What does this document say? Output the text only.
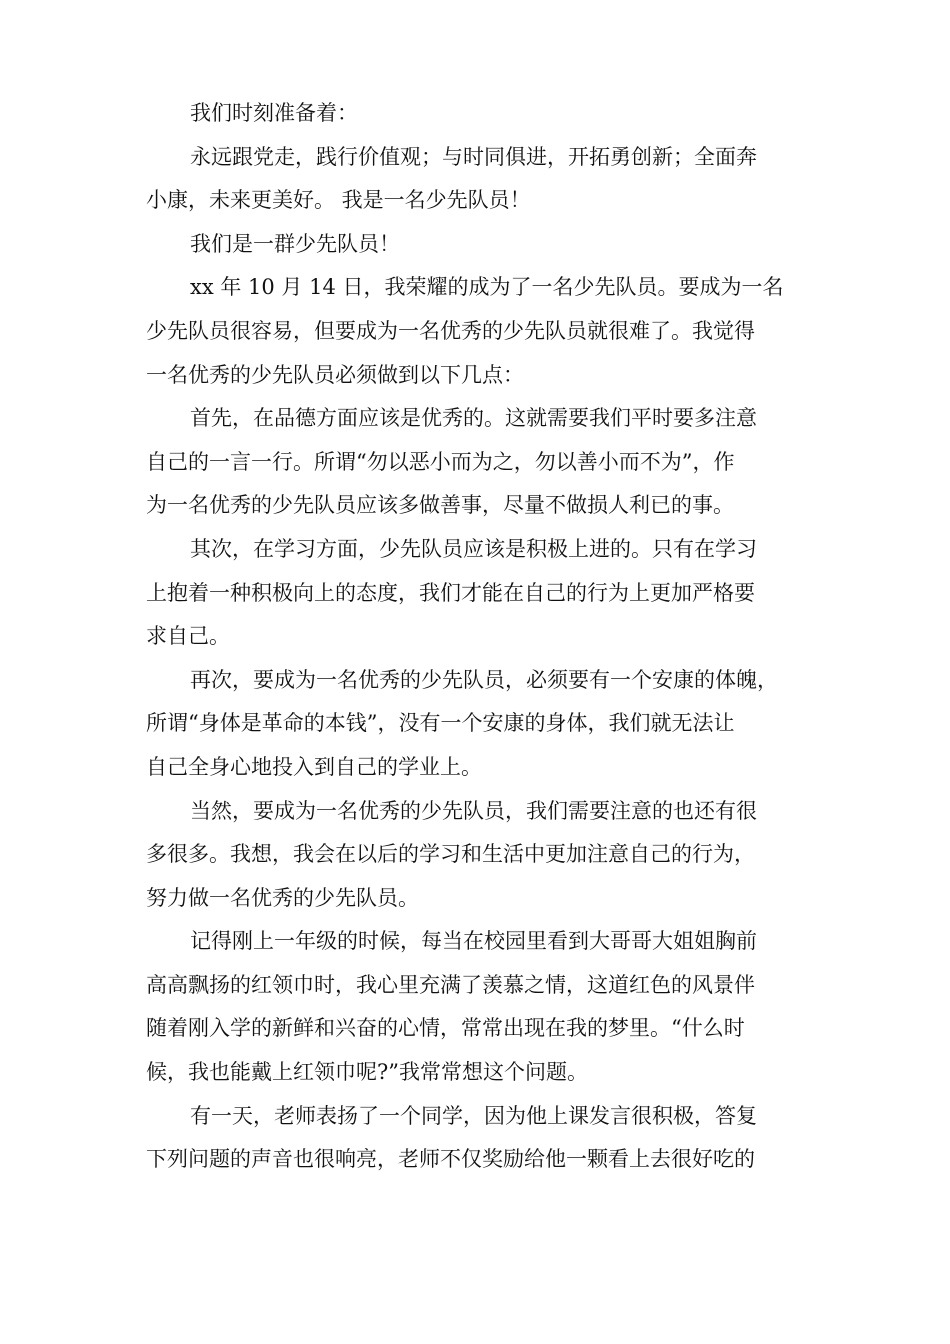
我们时刻准备着：

永远跟党走，践行价值观；与时同俱进，开拓勇创新；全面奔
小康，未来更美好。 我是一名少先队员！

我们是一群少先队员！

xx 年 10 月 14 日，我荣耀的成为了一名少先队员。要成为一名
少先队员很容易，但要成为一名优秀的少先队员就很难了。我觉得
一名优秀的少先队员必须做到以下几点：

首先，在品德方面应该是优秀的。这就需要我们平时要多注意
自己的一言一行。所谓“勿以恶小而为之，勿以善小而不为”，作
为一名优秀的少先队员应该多做善事，尽量不做损人利已的事。

其次，在学习方面，少先队员应该是积极上进的。只有在学习
上抱着一种积极向上的态度，我们才能在自己的行为上更加严格要
求自己。

再次，要成为一名优秀的少先队员，必须要有一个安康的体魄，
所谓“身体是革命的本钱”，没有一个安康的身体，我们就无法让
自己全身心地投入到自己的学业上。

当然，要成为一名优秀的少先队员，我们需要注意的也还有很
多很多。我想，我会在以后的学习和生活中更加注意自己的行为，
努力做一名优秀的少先队员。

记得刚上一年级的时候，每当在校园里看到大哥哥大姐姐胸前
高高飘扬的红领巾时，我心里充满了羡慕之情，这道红色的风景伴
随着刚入学的新鲜和兴奋的心情，常常出现在我的梦里。“什么时
候，我也能戴上红领巾呢?”我常常想这个问题。

有一天，老师表扬了一个同学，因为他上课发言很积极，答复
下列问题的声音也很响亮，老师不仅奖励给他一颗看上去很好吃的
